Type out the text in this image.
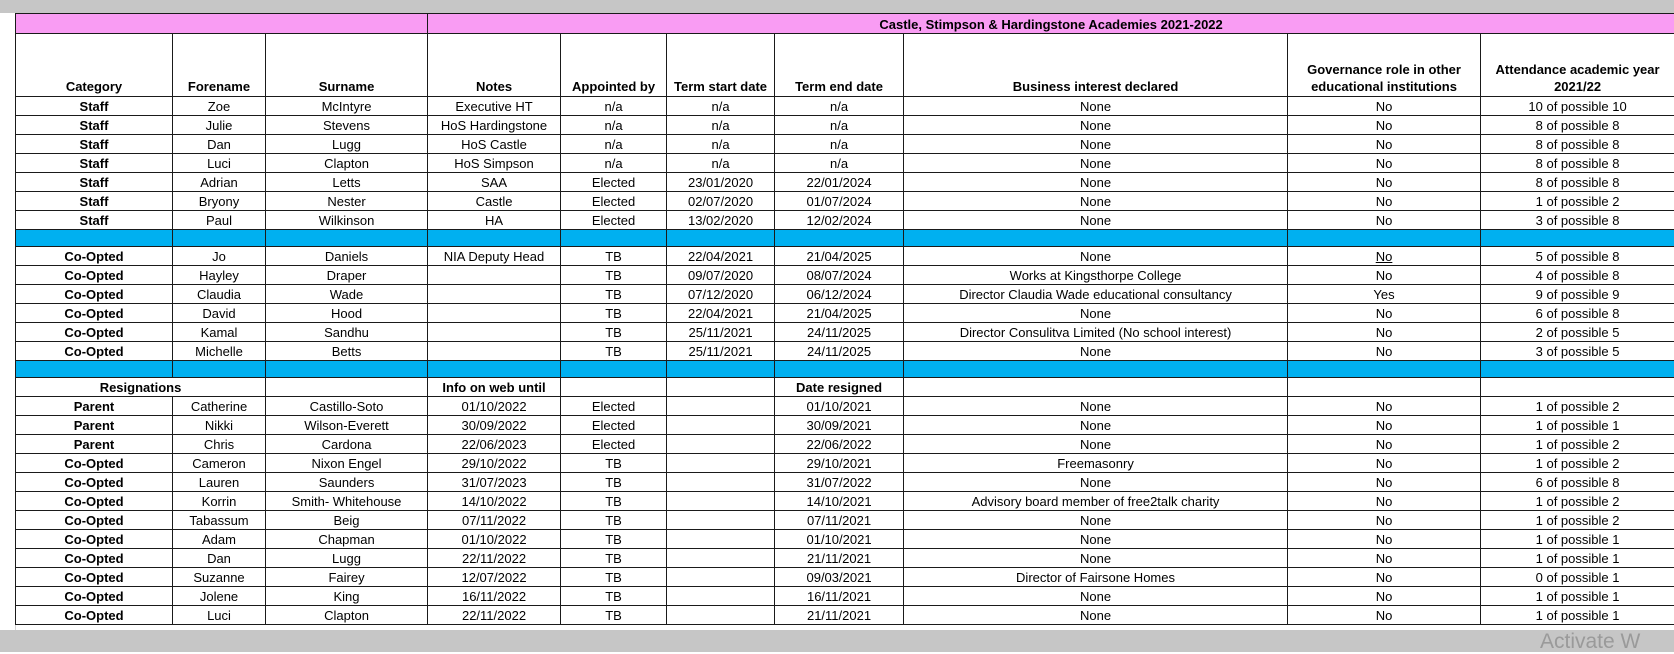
			Castle, Stimpson & Hardingstone Academies 2021-2022						
Category	Forename	Surname	Notes	Appointed by	Term start date	Term end date	Business interest declared	Governance role in other educational institutions	Attendance academic year 2021/22
Staff	Zoe	McIntyre	Executive HT	n/a	n/a	n/a	None	No	10 of possible 10
Staff	Julie	Stevens	HoS Hardingstone	n/a	n/a	n/a	None	No	8 of possible 8
Staff	Dan	Lugg	HoS Castle	n/a	n/a	n/a	None	No	8 of possible 8
Staff	Luci	Clapton	HoS Simpson	n/a	n/a	n/a	None	No	8 of possible 8
Staff	Adrian	Letts	SAA	Elected	23/01/2020	22/01/2024	None	No	8 of possible 8
Staff	Bryony	Nester	Castle	Elected	02/07/2020	01/07/2024	None	No	1 of possible 2
Staff	Paul	Wilkinson	HA	Elected	13/02/2020	12/02/2024	None	No	3 of possible 8

Co-Opted	Jo	Daniels	NIA Deputy Head	TB	22/04/2021	21/04/2025	None	No	5 of possible 8
Co-Opted	Hayley	Draper		TB	09/07/2020	08/07/2024	Works at Kingsthorpe College	No	4 of possible 8
Co-Opted	Claudia	Wade		TB	07/12/2020	06/12/2024	Director Claudia Wade educational consultancy	Yes	9 of possible 9
Co-Opted	David	Hood		TB	22/04/2021	21/04/2025	None	No	6 of possible 8
Co-Opted	Kamal	Sandhu		TB	25/11/2021	24/11/2025	Director Consulitva Limited (No school interest)	No	2 of possible 5
Co-Opted	Michelle	Betts		TB	25/11/2021	24/11/2025	None	No	3 of possible 5

Resignations			Info on web until			Date resigned			
Parent	Catherine	Castillo-Soto	01/10/2022	Elected		01/10/2021	None	No	1 of possible 2
Parent	Nikki	Wilson-Everett	30/09/2022	Elected		30/09/2021	None	No	1 of possible 1
Parent	Chris	Cardona	22/06/2023	Elected		22/06/2022	None	No	1 of possible 2
Co-Opted	Cameron	Nixon Engel	29/10/2022	TB		29/10/2021	Freemasonry	No	1 of possible 2
Co-Opted	Lauren	Saunders	31/07/2023	TB		31/07/2022	None	No	6 of possible 8
Co-Opted	Korrin	Smith- Whitehouse	14/10/2022	TB		14/10/2021	Advisory board member of free2talk charity	No	1 of possible 2
Co-Opted	Tabassum	Beig	07/11/2022	TB		07/11/2021	None	No	1 of possible 2
Co-Opted	Adam	Chapman	01/10/2022	TB		01/10/2021	None	No	1 of possible 1
Co-Opted	Dan	Lugg	22/11/2022	TB		21/11/2021	None	No	1 of possible 1
Co-Opted	Suzanne	Fairey	12/07/2022	TB		09/03/2021	Director of Fairsone Homes	No	0 of possible 1
Co-Opted	Jolene	King	16/11/2022	TB		16/11/2021	None	No	1 of possible 1
Co-Opted	Luci	Clapton	22/11/2022	TB		21/11/2021	None	No	1 of possible 1
Activate W
